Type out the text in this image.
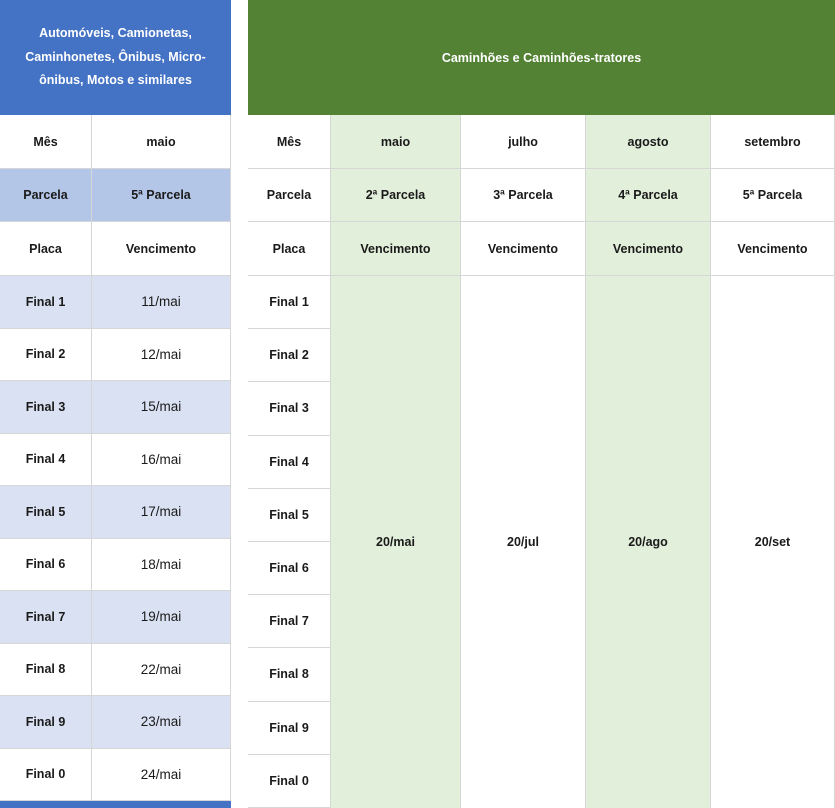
Automóveis, Camionetas, Caminhonetes, Ônibus, Micro-ônibus, Motos e similares
Mês	maio
Parcela	5ª Parcela
Placa	Vencimento
Final 1	11/mai
Final 2	12/mai
Final 3	15/mai
Final 4	16/mai
Final 5	17/mai
Final 6	18/mai
Final 7	19/mai
Final 8	22/mai
Final 9	23/mai
Final 0	24/mai
Caminhões e Caminhões-tratores
Mês	maio	julho	agosto	setembro
Parcela	2ª Parcela	3ª Parcela	4ª Parcela	5ª Parcela
Placa	Vencimento	Vencimento	Vencimento	Vencimento
Final 1
Final 2
Final 3
Final 4
Final 5
Final 6
Final 7
Final 8
Final 9
Final 0
20/mai	20/jul	20/ago	20/set
